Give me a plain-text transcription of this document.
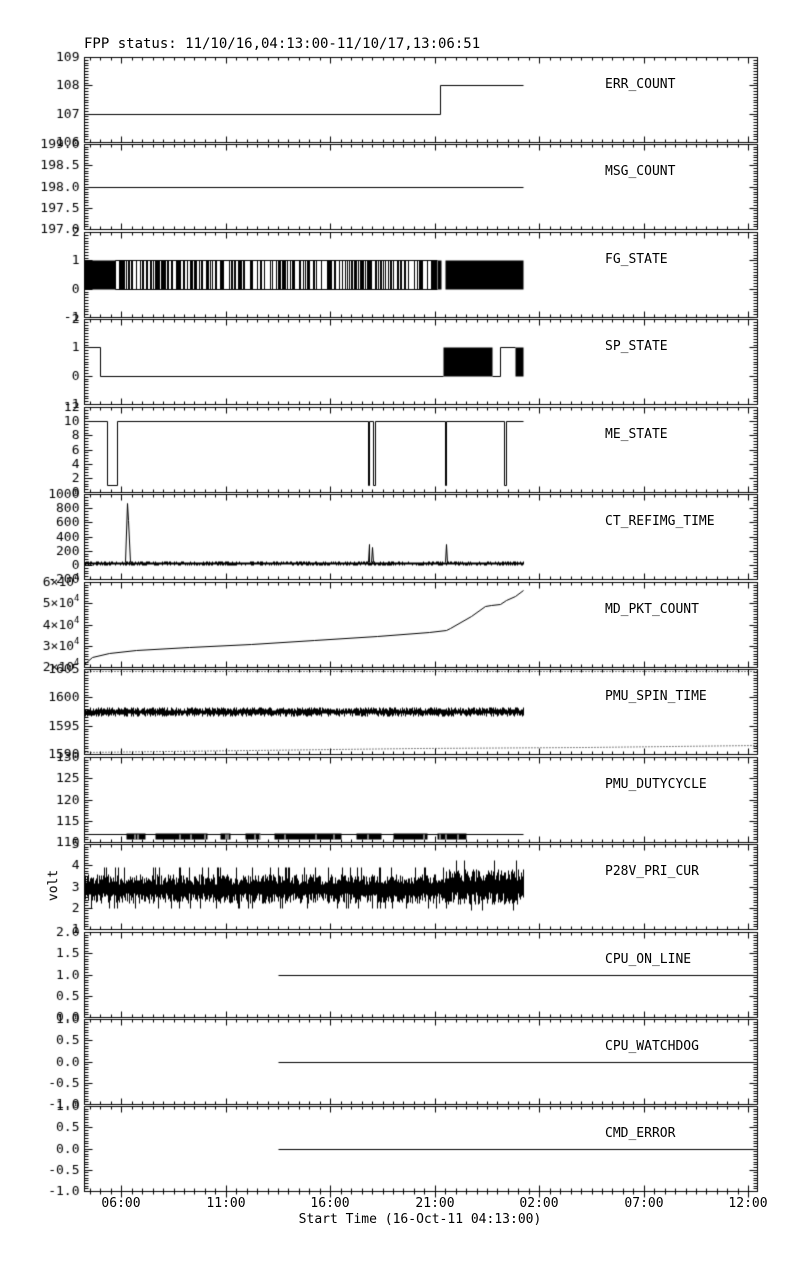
FPP status: 11/10/16,04:13:00-11/10/17,13:06:51
volt
ERR_COUNT
MSG_COUNT
FG_STATE
SP_STATE
ME_STATE
CT_REFIMG_TIME
MD_PKT_COUNT
PMU_SPIN_TIME
PMU_DUTYCYCLE
P28V_PRI_CUR
CPU_ON_LINE
CPU_WATCHDOG
CMD_ERROR
Start Time (16-Oct-11 04:13:00)
06:00	11:00	16:00	21:00	02:00	07:00	12:00
